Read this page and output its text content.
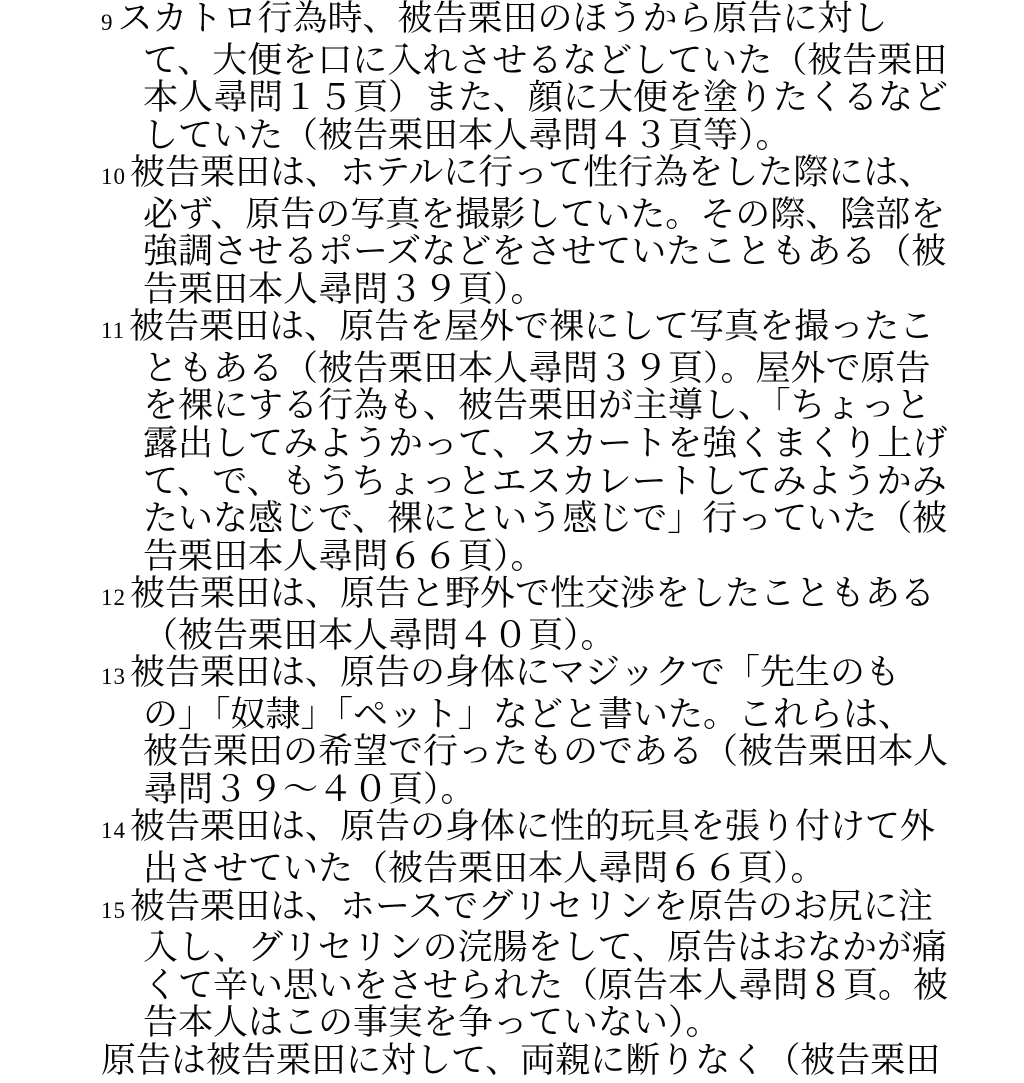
9 スカトロ行為時、被告栗田のほうから原告に対し
て、大便を口に入れさせるなどしていた（被告栗田
本人尋問１５頁）また、顔に大便を塗りたくるなど
していた（被告栗田本人尋問４３頁等）。
10 被告栗田は、ホテルに行って性行為をした際には、
必ず、原告の写真を撮影していた。その際、陰部を
強調させるポーズなどをさせていたこともある（被
告栗田本人尋問３９頁）。
11 被告栗田は、原告を屋外で裸にして写真を撮ったこ
ともある（被告栗田本人尋問３９頁）。屋外で原告
を裸にする行為も、被告栗田が主導し、「ちょっと
露出してみようかって、スカートを強くまくり上げ
て、で、もうちょっとエスカレートしてみようかみ
たいな感じで、裸にという感じで」行っていた（被
告栗田本人尋問６６頁）。
12 被告栗田は、原告と野外で性交渉をしたこともある
（被告栗田本人尋問４０頁）。
13 被告栗田は、原告の身体にマジックで「先生のも
の」「奴隷」「ペット」などと書いた。これらは、
被告栗田の希望で行ったものである（被告栗田本人
尋問３９～４０頁）。
14 被告栗田は、原告の身体に性的玩具を張り付けて外
出させていた（被告栗田本人尋問６６頁）。
15 被告栗田は、ホースでグリセリンを原告のお尻に注
入し、グリセリンの浣腸をして、原告はおなかが痛
くて辛い思いをさせられた（原告本人尋問８頁。被
告本人はこの事実を争っていない）。
原告は被告栗田に対して、両親に断りなく（被告栗田
